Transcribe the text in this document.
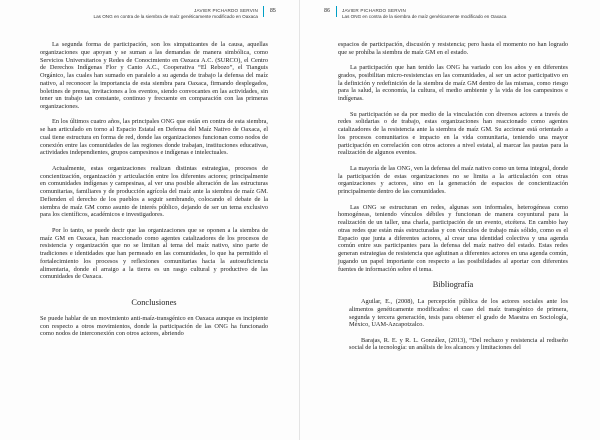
JAVIER PICHARDO SERVIN
Las ONG en contra de la siembra de maíz genéticamente modificado en Oaxaca
85

La segunda forma de participación, son los simpatizantes de la causa, aquellas organizaciones que apoyan y se suman a las demandas de manera simbólica, como Servicios Universitarios y Redes de Conocimiento en Oaxaca A.C. (SURCO), el Centro de Derechos Indígenas Flor y Canto A.C., Cooperativa “El Rebozo”, el Tianguis Orgánico, las cuales han sumado en paralelo a su agenda de trabajo la defensa del maíz nativo, al reconocer la importancia de esta siembra para Oaxaca, firmando desplegados, boletines de prensa, invitaciones a los eventos, siendo convocantes en las actividades, sin tener un trabajo tan constante, continuo y frecuente en comparación con las primeras organizaciones.

En los últimos cuatro años, las principales ONG que están en contra de esta siembra, se han articulado en torno al Espacio Estatal en Defensa del Maíz Nativo de Oaxaca, el cual tiene estructura en forma de red, donde las organizaciones funcionan como nodos de conexión entre las comunidades de las regiones donde trabajan, instituciones educativas, actividades independientes, grupos campesinos e indígenas e intelectuales.

Actualmente, estas organizaciones realizan distintas estrategias, procesos de concientización, organización y articulación entre los diferentes actores; principalmente en comunidades indígenas y campesinas, al ver una posible alteración de las estructuras comunitarias, familiares y de producción agrícola del maíz ante la siembra de maíz GM. Defienden el derecho de los pueblos a seguir sembrando, colocando el debate de la siembra de maíz GM como asunto de interés público, dejando de ser un tema exclusivo para los científicos, académicos e investigadores.

Por lo tanto, se puede decir que las organizaciones que se oponen a la siembra de maíz GM en Oaxaca, han reaccionado como agentes catalizadores de los procesos de resistencia y organización que no se limitan al tema del maíz nativo, sino parte de tradiciones e identidades que han permeado en las comunidades, lo que ha permitido el fortalecimiento los procesos y reflexiones comunitarias hacia la autosuficiencia alimentaria, donde el arraigo a la tierra es un rasgo cultural y productivo de las comunidades de Oaxaca.

Conclusiones

Se puede hablar de un movimiento anti-maíz-transgénico en Oaxaca aunque es incipiente con respecto a otros movimientos, donde la participación de las ONG ha funcionado como nodos de interconexión con otros actores, abriendo

86	JAVIER PICHARDO SERVIN
Las ONG en contra de la siembra de maíz genéticamente modificado en Oaxaca

espacios de participación, discusión y resistencia; pero hasta el momento no han logrado que se prohíba la siembra de maíz GM en el estado.

La participación que han tenido las ONG ha variado con los años y en diferentes grados, posibilitan micro-resistencias en las comunidades, al ser un actor participativo en la definición y redefinición de la siembra de maíz GM dentro de las mismas, como riesgo para la salud, la economía, la cultura, el medio ambiente y la vida de los campesinos e indígenas.

Su participación se da por medio de la vinculación con diversos actores a través de redes solidarias o de trabajo, estas organizaciones han reaccionado como agentes catalizadores de la resistencia ante la siembra de maíz GM. Su accionar está orientado a los procesos comunitarios e impacto en la vida comunitaria, teniendo una mayor participación en correlación con otros actores a nivel estatal, al marcar las pautas para la realización de algunos eventos.

La mayoría de las ONG, ven la defensa del maíz nativo como un tema integral, donde la participación de estas organizaciones no se limita a la articulación con otras organizaciones y actores, sino en la generación de espacios de concientización principalmente dentro de las comunidades.

Las ONG se estructuran en redes, algunas son informales, heterogéneas como homogéneas, teniendo vínculos débiles y funcionan de manera coyuntural para la realización de un taller, una charla, participación de un evento, etcétera. En cambio hay otras redes que están más estructuradas y con vínculos de trabajo más sólido, como es el Espacio que junta a diferentes actores, al crear una identidad colectiva y una agenda común entre sus participantes para la defensa del maíz nativo del estado. Estas redes generan estrategias de resistencia que aglutinan a diferentes actores en una agenda común, jugando un papel importante con respecto a las posibilidades al aportar con diferentes fuentes de información sobre el tema.

Bibliografía

Aguilar, E., (2008), La percepción pública de los actores sociales ante los alimentos genéticamente modificados: el caso del maíz transgénico de primera, segunda y tercera generación, tesis para obtener el grado de Maestra en Sociología, México, UAM-Azcapotzalco.

Barajas, R. E. y R. L. González, (2013), “Del rechazo y resistencia al rediseño social de la tecnología: un análisis de los alcances y limitaciones del
